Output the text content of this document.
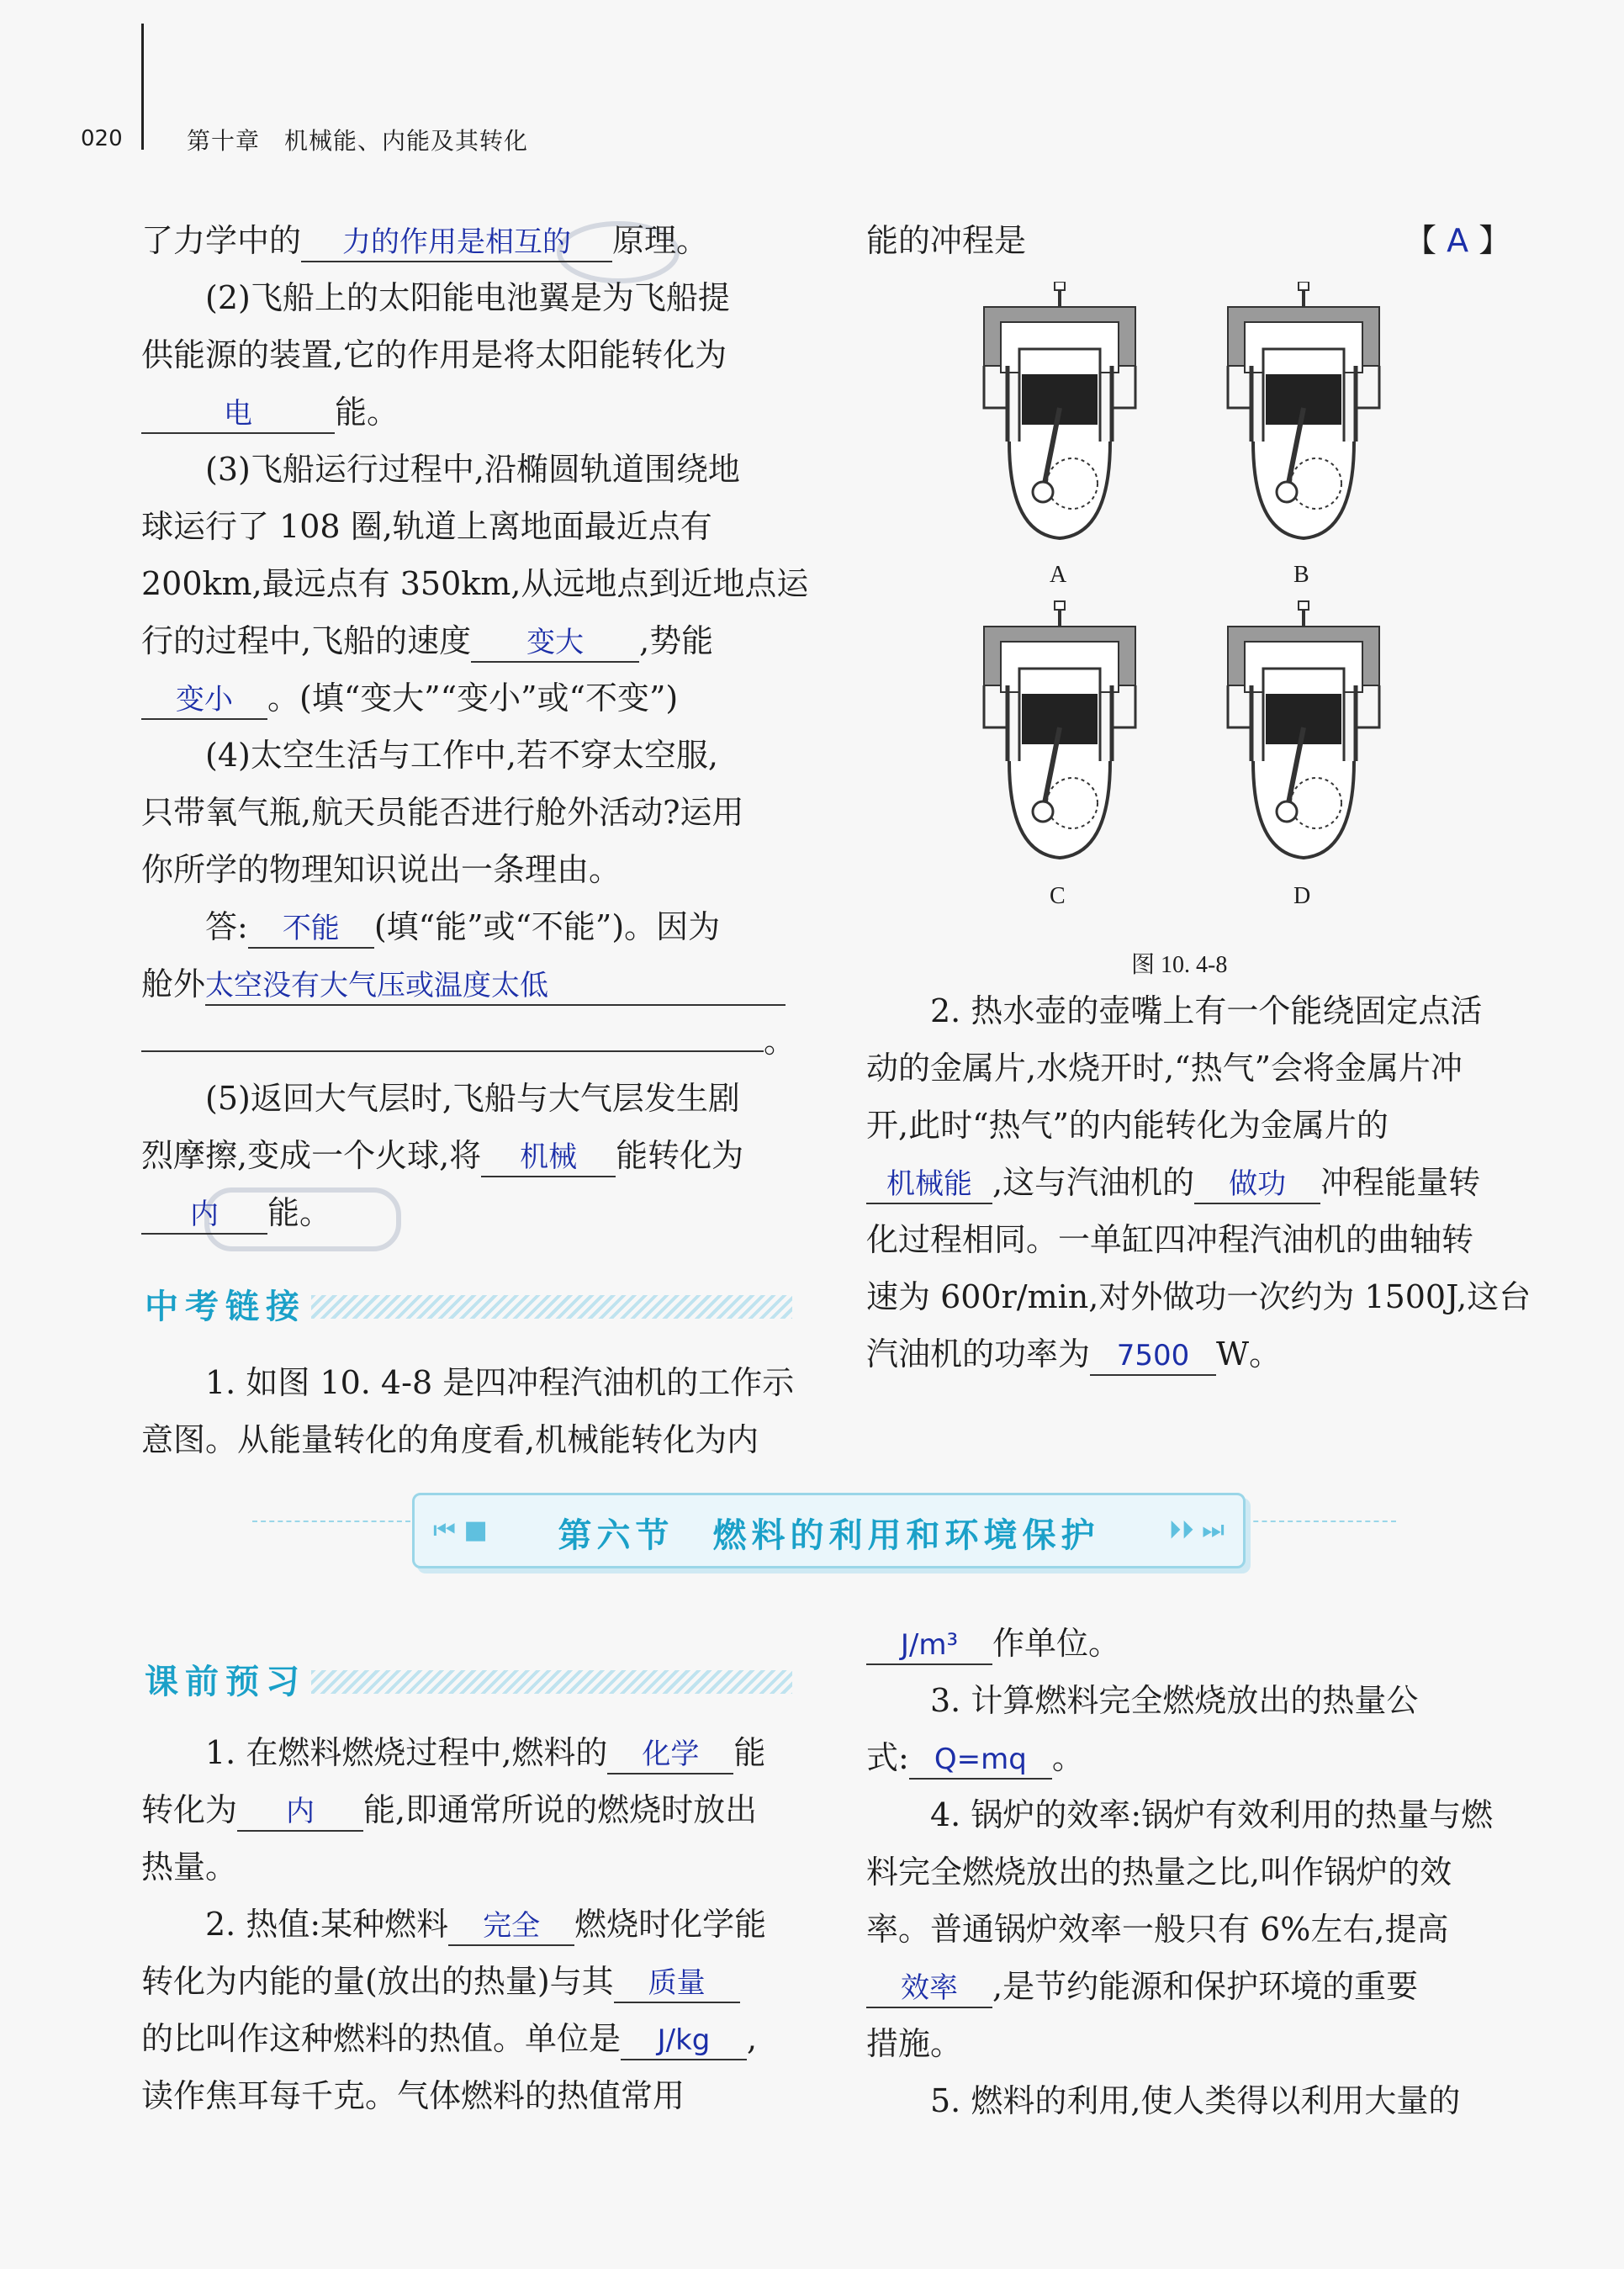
020	第十章　机械能、内能及其转化

了力学中的 力的作用是相互的 原理。

(2)飞船上的太阳能电池翼是为飞船提

供能源的装置,它的作用是将太阳能转化为

电	能。

(3)飞船运行过程中,沿椭圆轨道围绕地

球运行了 108 圈,轨道上离地面最近点有

200km,最远点有 350km,从远地点到近地点运

行的过程中,飞船的速度 变大 ,势能

变小 。(填“变大”“变小”或“不变”)

(4)太空生活与工作中,若不穿太空服,

只带氧气瓶,航天员能否进行舱外活动?运用

你所学的物理知识说出一条理由。

答: 不能 (填“能”或“不能”)。因为

舱外太空没有大气压或温度太低

。

(5)返回大气层时,飞船与大气层发生剧

烈摩擦,变成一个火球,将 机械 能转化为

内 能。

中考链接

1. 如图 10. 4-8 是四冲程汽油机的工作示

意图。从能量转化的角度看,机械能转化为内

能的冲程是	【 A 】

A	B
C	D
图 10. 4-8

2. 热水壶的壶嘴上有一个能绕固定点活

动的金属片,水烧开时,“热气”会将金属片冲

开,此时“热气”的内能转化为金属片的

机械能 ,这与汽油机的 做功 冲程能量转

化过程相同。一单缸四冲程汽油机的曲轴转

速为 600r/min,对外做功一次约为 1500J,这台

汽油机的功率为 7500 W。

⏮ ■	第六节　燃料的利用和环境保护	⏵⏵ ⏭
课前预习

1. 在燃料燃烧过程中,燃料的 化学 能

转化为 内 能,即通常所说的燃烧时放出

热量。

2. 热值:某种燃料 完全 燃烧时化学能

转化为内能的量(放出的热量)与其 质量

的比叫作这种燃料的热值。单位是 J/kg ,

读作焦耳每千克。气体燃料的热值常用

J/m³ 作单位。

3. 计算燃料完全燃烧放出的热量公

式: Q=mq 。

4. 锅炉的效率:锅炉有效利用的热量与燃

料完全燃烧放出的热量之比,叫作锅炉的效

率。普通锅炉效率一般只有 6%左右,提高

效率 ,是节约能源和保护环境的重要

措施。

5. 燃料的利用,使人类得以利用大量的
